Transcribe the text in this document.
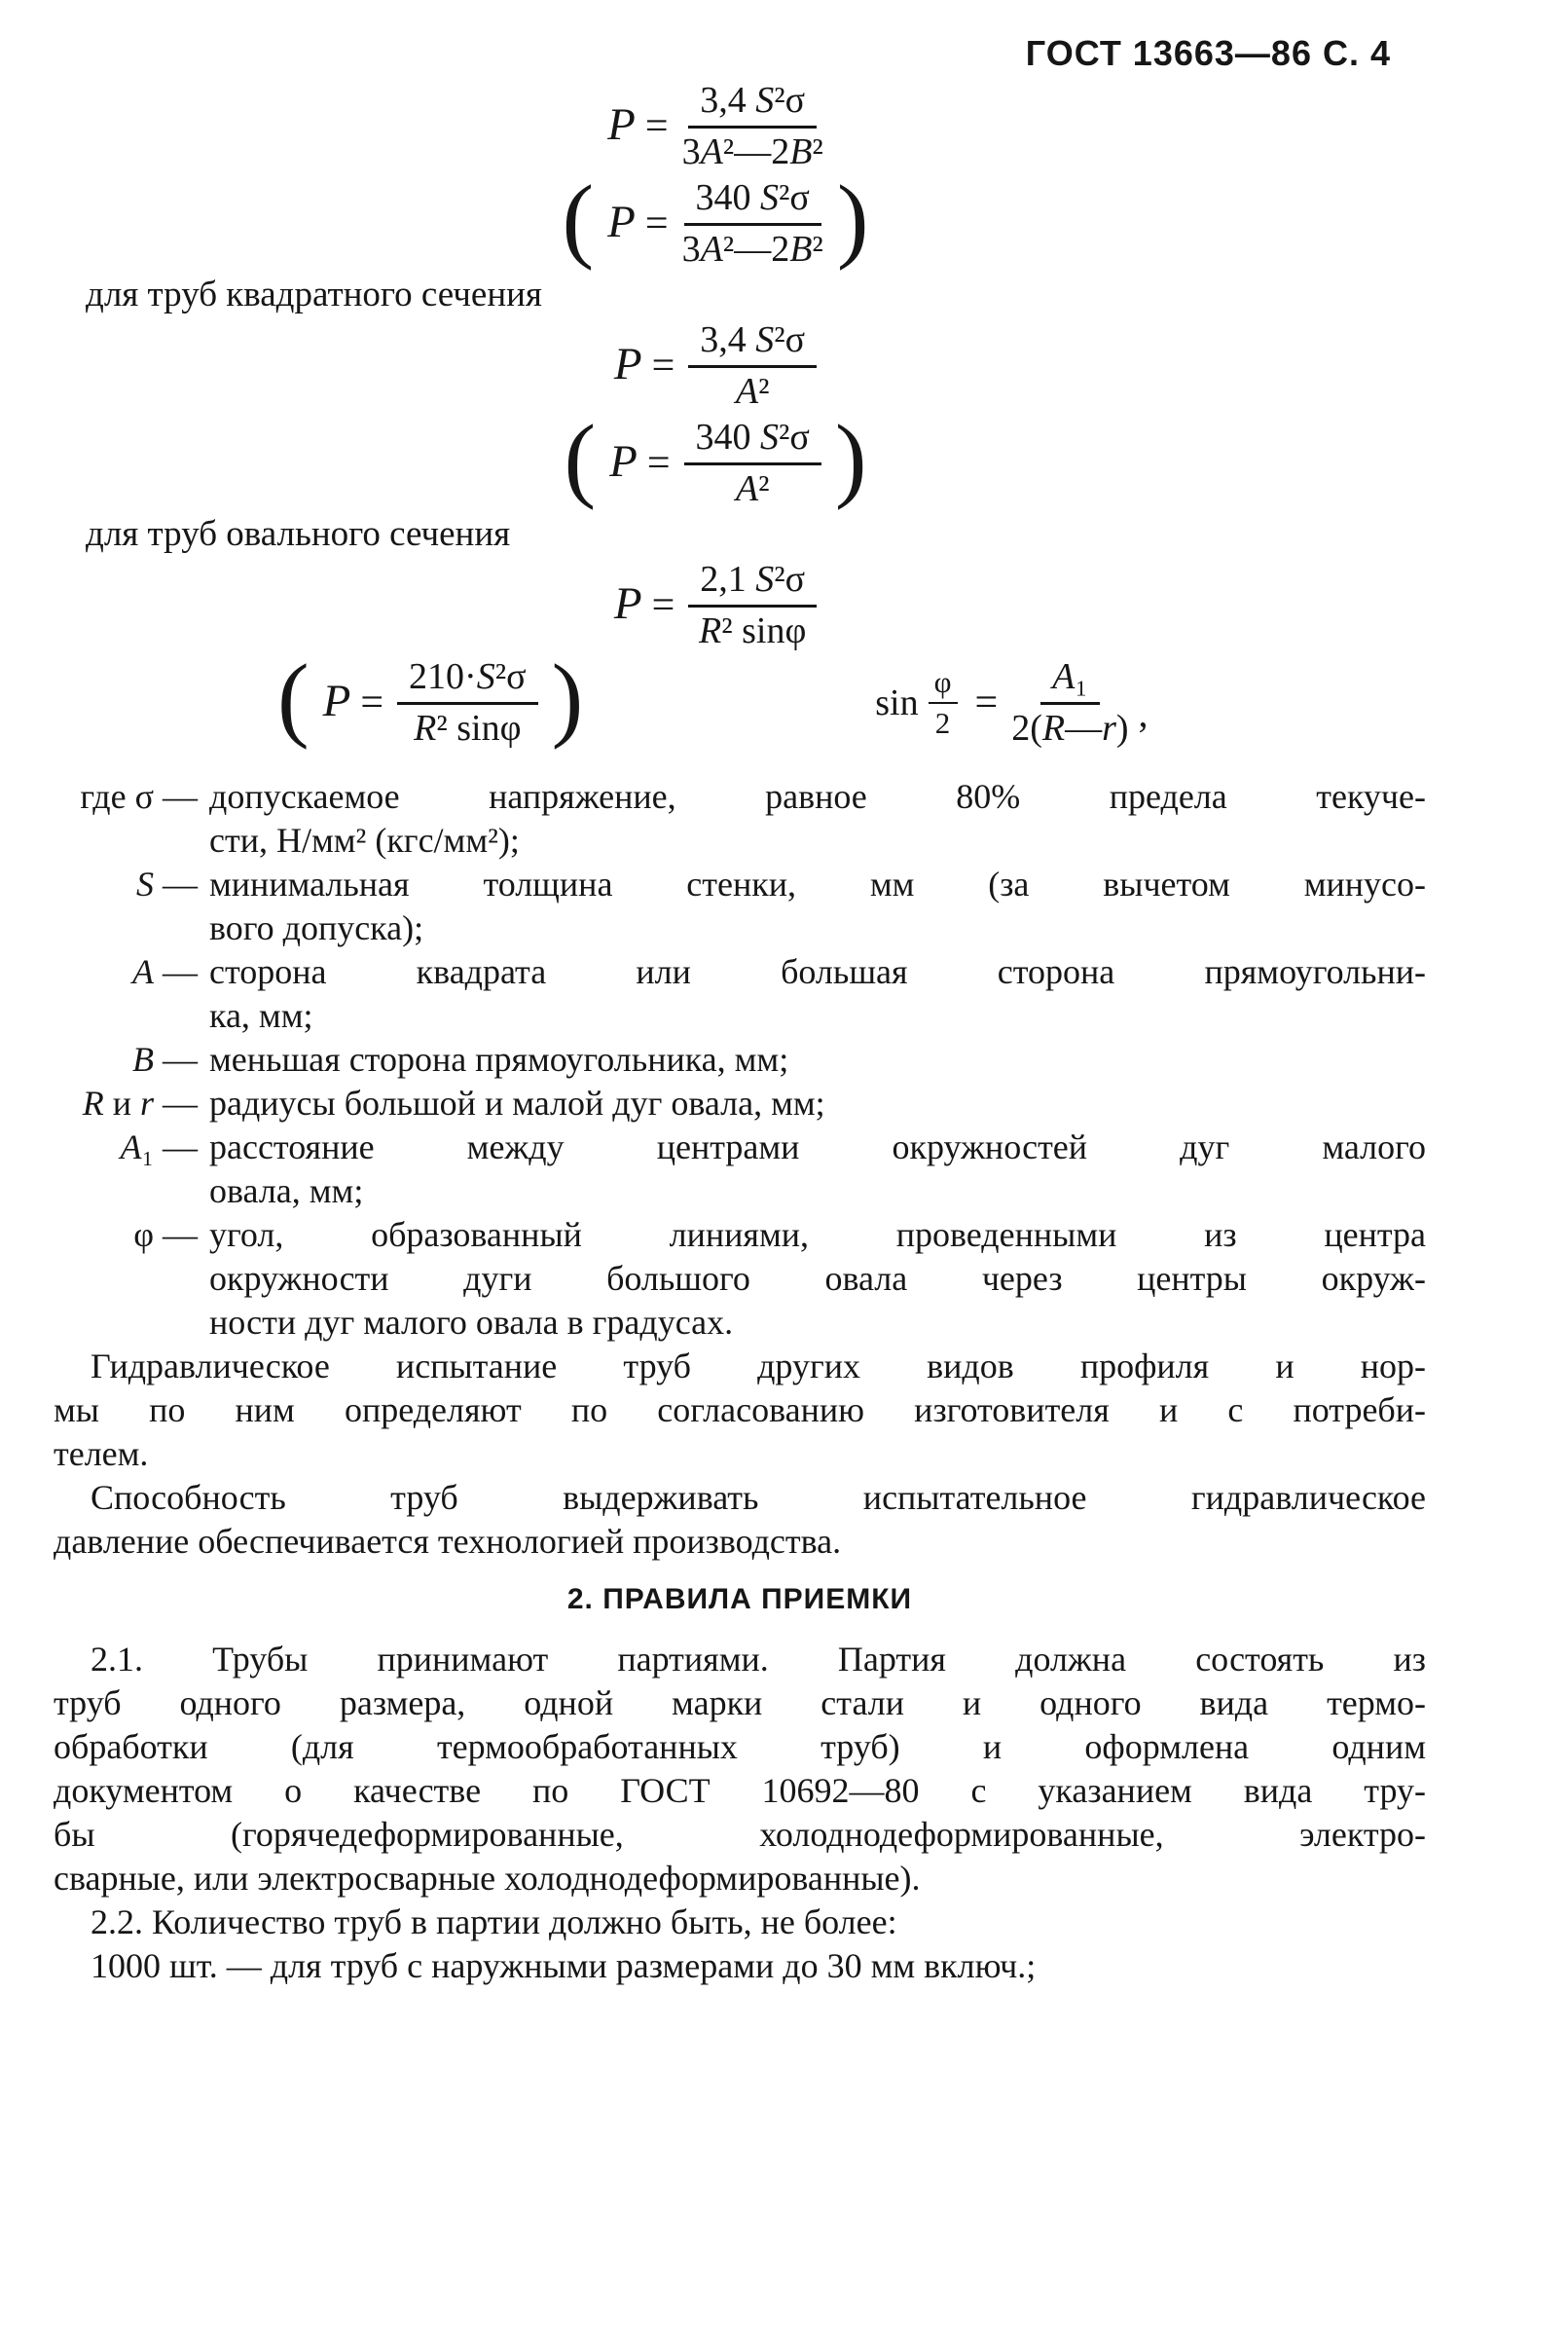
ГОСТ 13663—86 С. 4
$P = \frac{\text{3,4 S²σ}}{\text{3A²—2B²}}$
( $P = \frac{\text{340 S²σ}}{\text{3A²—2B²}}$ )
для труб квадратного сечения
$P = \frac{\text{3,4 S²σ}}{\text{A²}}$
( $P = \frac{\text{340 S²σ}}{\text{A²}}$ )
для труб овального сечения
$P = \frac{\text{2,1 S²σ}}{\text{R² sinφ}}$
( $P = \frac{\text{210·S²σ}}{\text{R² sinφ}}$ )	$\sin \frac{\varphi}{2} = \frac{\text{A₁}}{2(R—r)}$ ,
где σ — допускаемое напряжение, равное 80% предела текуче-
сти, Н/мм² (кгс/мм²);
S — минимальная толщина стенки, мм (за вычетом минусо-
вого допуска);
A — сторона квадрата или большая сторона прямоугольни-
ка, мм;
B — меньшая сторона прямоугольника, мм;
R и r — радиусы большой и малой дуг овала, мм;
A₁ — расстояние между центрами окружностей дуг малого
овала, мм;
φ — угол, образованный линиями, проведенными из центра
окружности дуги большого овала через центры окруж-
ности дуг малого овала в градусах.
Гидравлическое испытание труб других видов профиля и нор-
мы по ним определяют по согласованию изготовителя и с потреби-
телем.
Способность труб выдерживать испытательное гидравлическое
давление обеспечивается технологией производства.
2. ПРАВИЛА ПРИЕМКИ
2.1. Трубы принимают партиями. Партия должна состоять из
труб одного размера, одной марки стали и одного вида термо-
обработки (для термообработанных труб) и оформлена одним
документом о качестве по ГОСТ 10692—80 с указанием вида тру-
бы (горячедеформированные, холоднодеформированные, электро-
сварные, или электросварные холоднодеформированные).
2.2. Количество труб в партии должно быть, не более:
1000 шт. — для труб с наружными размерами до 30 мм включ.;
